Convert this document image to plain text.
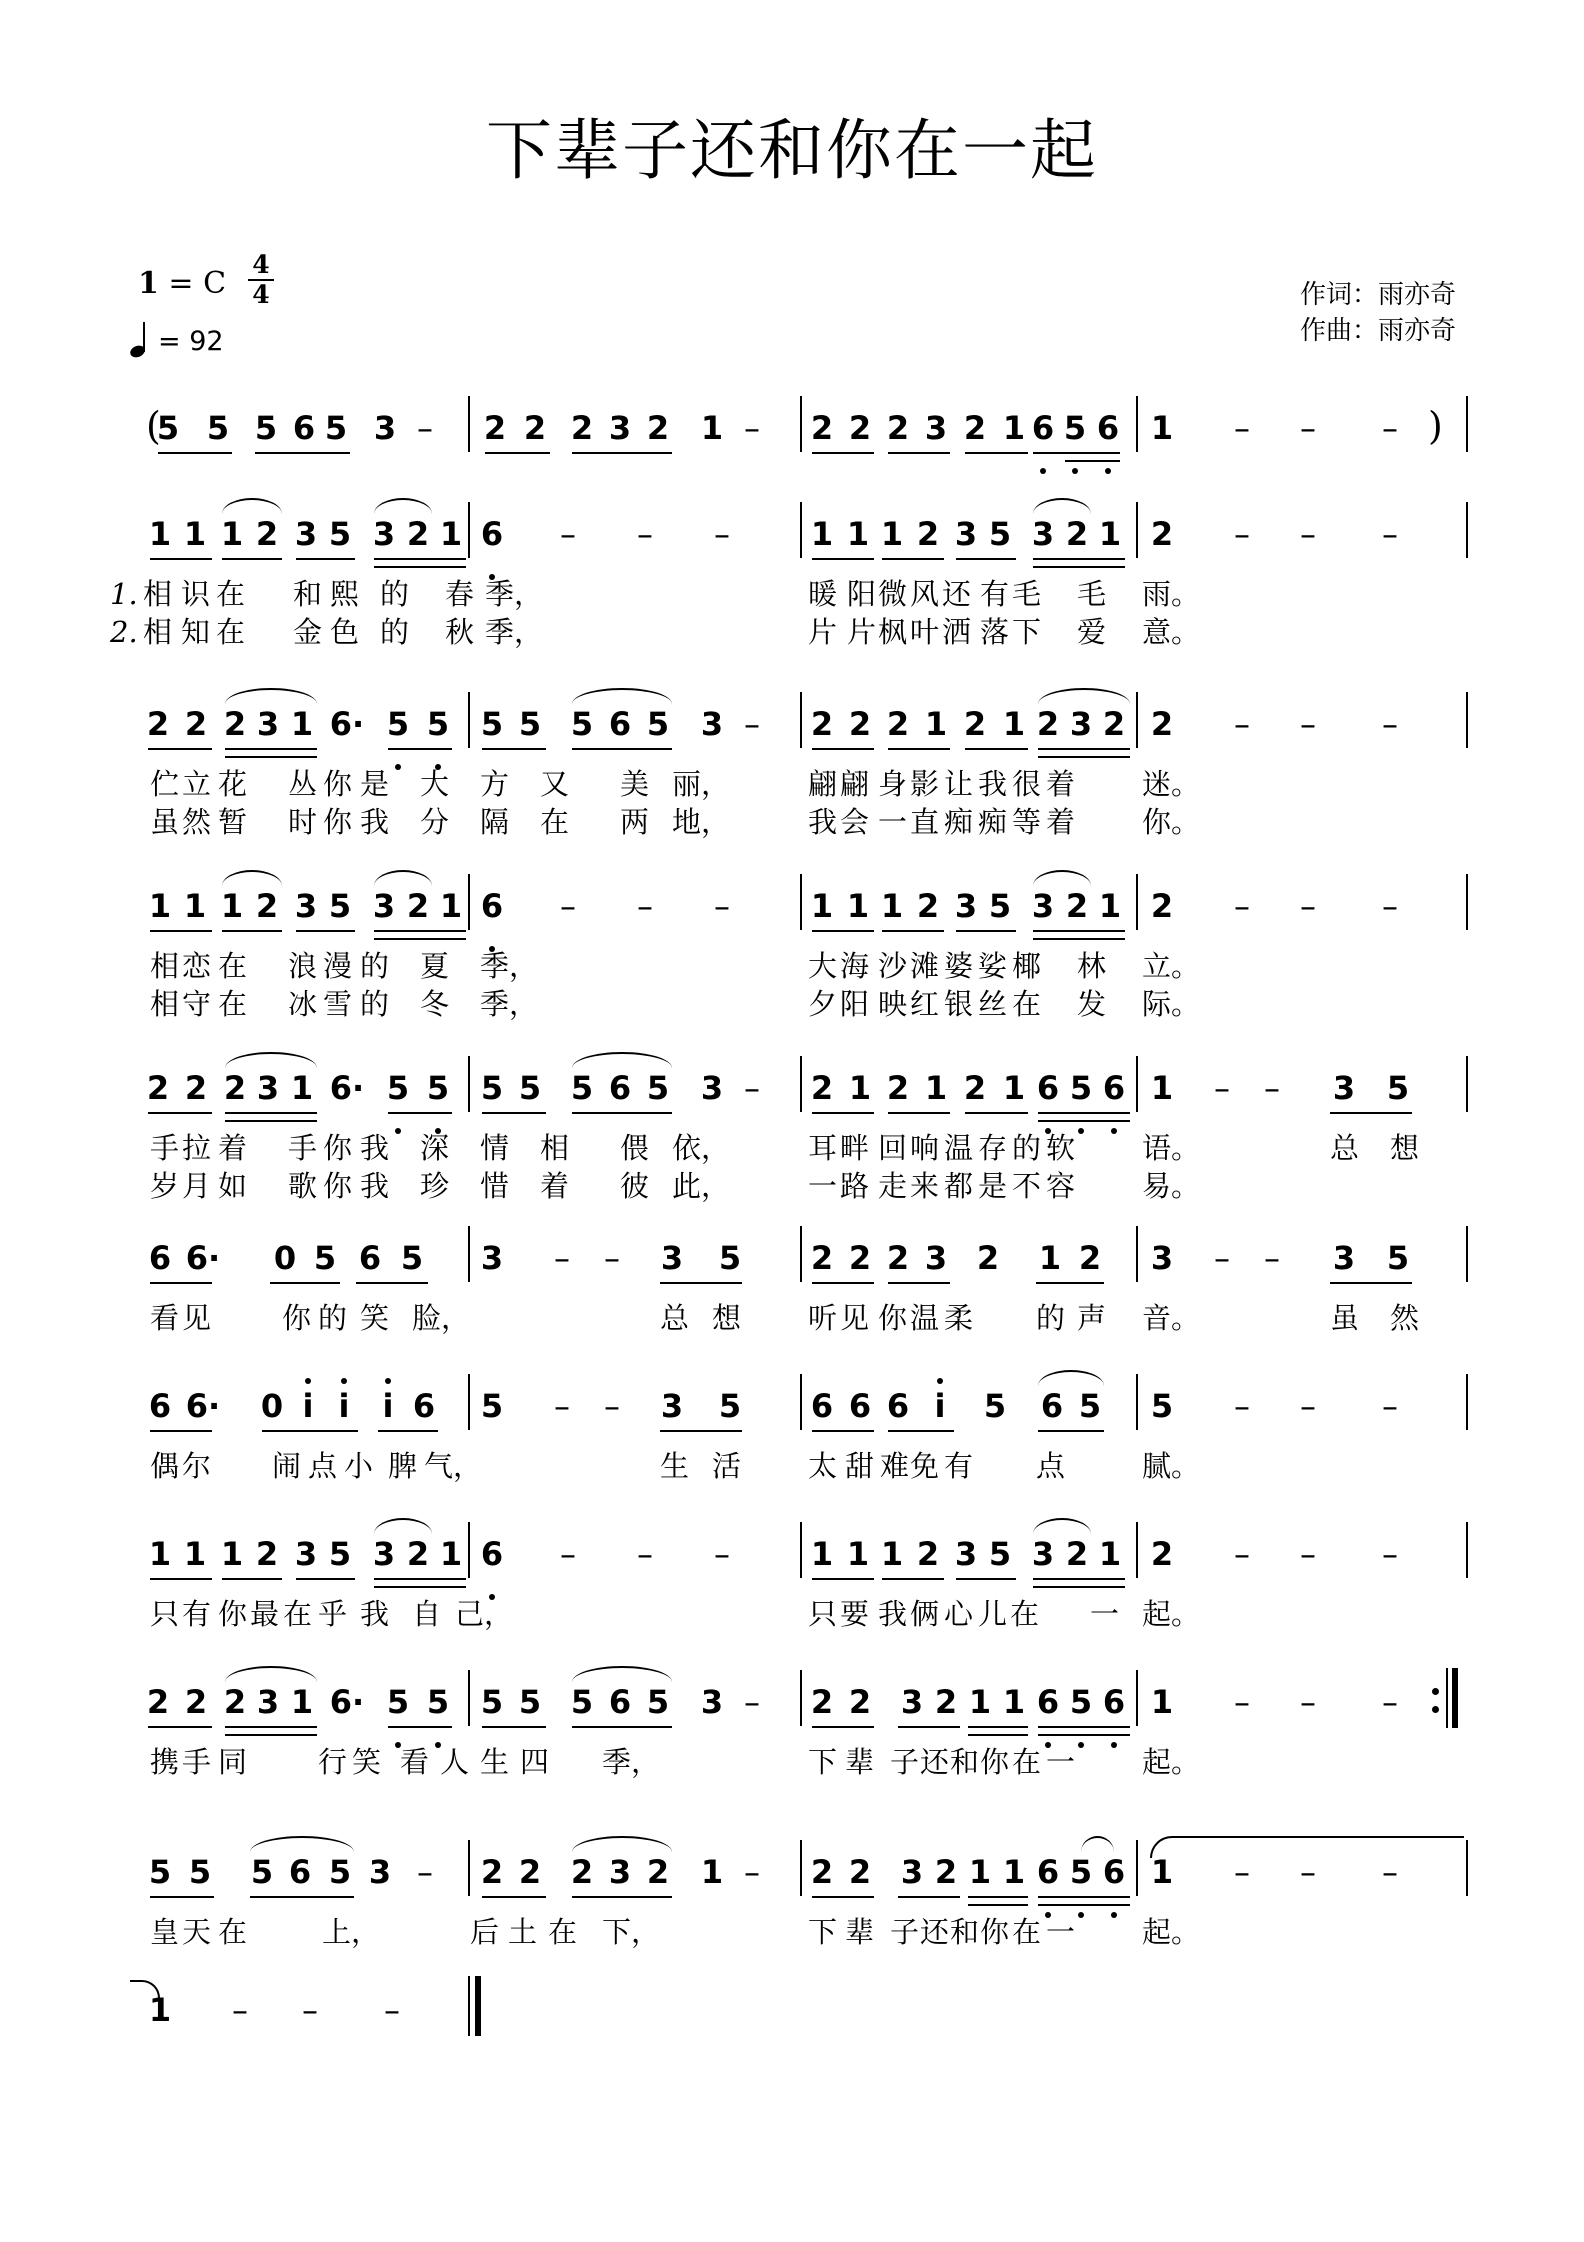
下辈子还和你在一起
1 = C
4
4
= 92
作词：雨亦奇
作曲：雨亦奇
5 5 5 6 5 3 – 2 2 2 3 2 1 – 2 2 2 3 2 1 6 5 6 1 – – – )
(
1 1 1 2 3 5 3 2 1 6 – – –	1 1 1 2 3 5 3 2 1 2 – – –
1. 相 识 在 和 熙 的 春 季，	暖 阳 微 风 还 有 毛 毛 雨。
2. 相 知 在 金 色 的 秋 季，	片 片 枫 叶 洒 落 下 爱 意。
2 2 2 3 1 6· 5 5 5 5 5 6 5 3 – 2 2 2 1 2 1 2 3 2 2 – – –
伫 立 花 丛 你 是 大 方 又 美 丽，	翩 翩 身 影 让 我 很 着 迷。
虽 然 暂 时 你 我 分 隔 在 两 地，	我 会 一 直 痴 痴 等 着 你。
1 1 1 2 3 5 3 2 1 6 – – –	1 1 1 2 3 5 3 2 1 2 – – –
相 恋 在 浪 漫 的 夏 季，	大 海 沙 滩 婆 娑 椰 林 立。
相 守 在 冰 雪 的 冬 季，	夕 阳 映 红 银 丝 在 发 际。
2 2 2 3 1 6· 5 5 5 5 5 6 5 3 – 2 1 2 1 2 1 6 5 6 1 – – 3 5
手 拉 着 手 你 我 深 情 相 偎 依，	耳 畔 回 响 温 存 的 软 语。	总 想
岁 月 如 歌 你 我 珍 惜 着 彼 此，	一 路 走 来 都 是 不 容 易。
6 6· 0 5 6 5 3 – – 3 5 2 2 2 3 2 1 2 3 – – 3 5
看 见 你 的 笑 脸，	总 想 听 见 你 温 柔 的 声 音。	虽 然
6 6· 0 i i i 6 5 – – 3 5 6 6 6 i 5 6 5 5 – – –
偶 尔 闹 点 小 脾 气，	生 活 太 甜 难 免 有 点	腻。
1 1 1 2 3 5 3 2 1 6 – – –	1 1 1 2 3 5 3 2 1 2 – – –
只 有 你 最 在 乎 我 自 己，	只 要 我 俩 心 儿 在 一 起。
2 2 2 3 1 6· 5 5 5 5 5 6 5 3 – 2 2 3 2 1 1 6 5 6 1 – – –
携 手 同 行 笑 看 人 生 四 季，	下 辈 子 还 和 你 在 一 起。
5 5 5 6 5 3 – 2 2 2 3 2 1 – 2 2 3 2 1 1 6 5 6 1 – – –
皇 天 在	上，	后 土 在 下，	下 辈 子 还 和 你 在 一 起。
1 – – –
